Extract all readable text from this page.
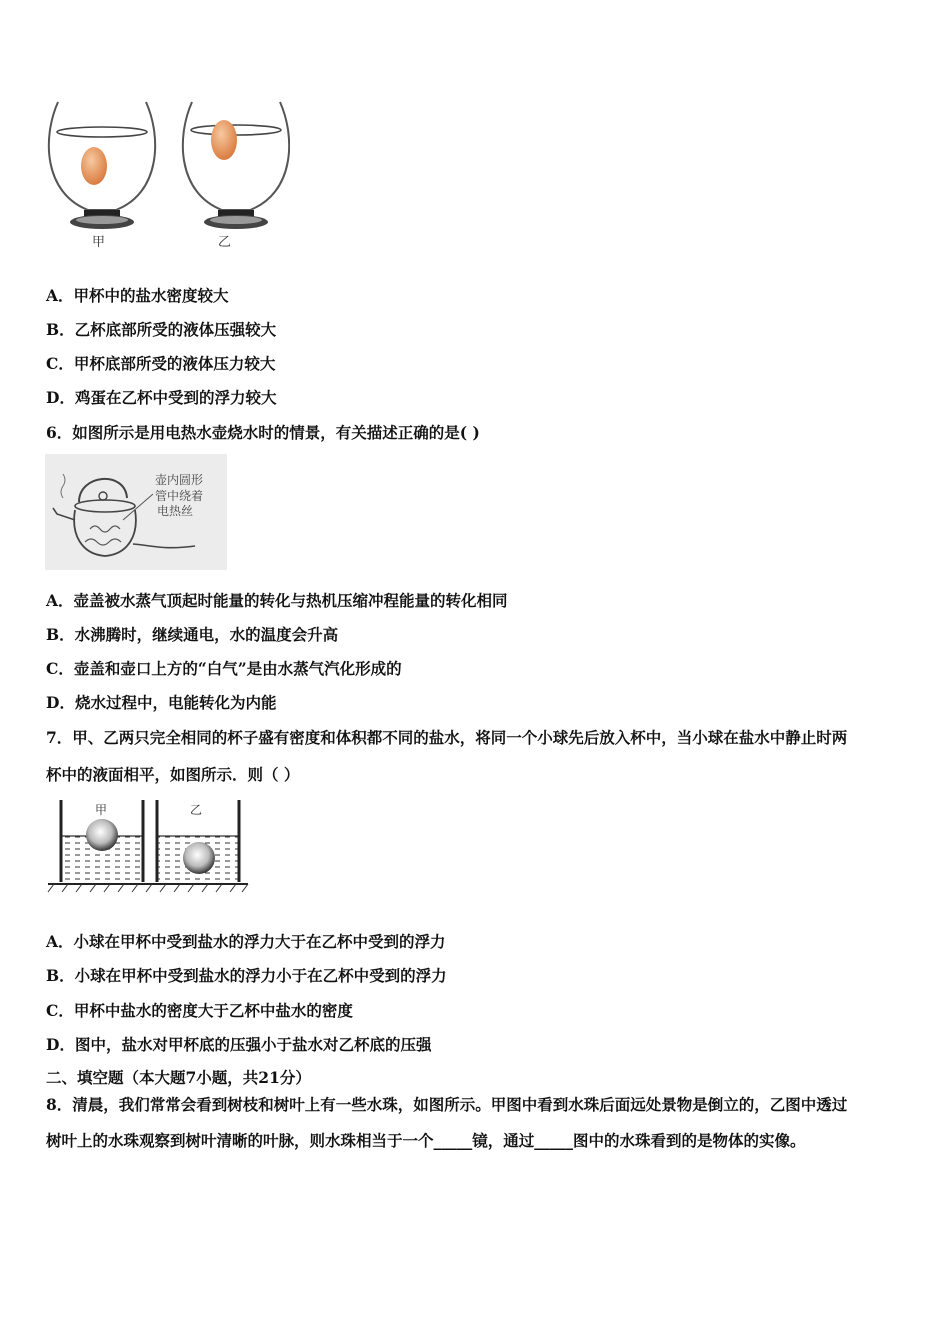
甲	乙
A．甲杯中的盐水密度较大
B．乙杯底部所受的液体压强较大
C．甲杯底部所受的液体压力较大
D．鸡蛋在乙杯中受到的浮力较大
6．如图所示是用电热水壶烧水时的情景，有关描述正确的是( )
壶内圆形
管中绕着
电热丝
A．壶盖被水蒸气顶起时能量的转化与热机压缩冲程能量的转化相同
B．水沸腾时，继续通电，水的温度会升高
C．壶盖和壶口上方的“白气”是由水蒸气汽化形成的
D．烧水过程中，电能转化为内能
7．甲、乙两只完全相同的杯子盛有密度和体积都不同的盐水，将同一个小球先后放入杯中，当小球在盐水中静止时两
杯中的液面相平，如图所示．则（ ）
甲	乙
A．小球在甲杯中受到盐水的浮力大于在乙杯中受到的浮力
B．小球在甲杯中受到盐水的浮力小于在乙杯中受到的浮力
C．甲杯中盐水的密度大于乙杯中盐水的密度
D．图中，盐水对甲杯底的压强小于盐水对乙杯底的压强
二、填空题（本大题7小题，共21分）
8．清晨，我们常常会看到树枝和树叶上有一些水珠，如图所示。甲图中看到水珠后面远处景物是倒立的，乙图中透过
树叶上的水珠观察到树叶清晰的叶脉，则水珠相当于一个_____镜，通过_____图中的水珠看到的是物体的实像。
